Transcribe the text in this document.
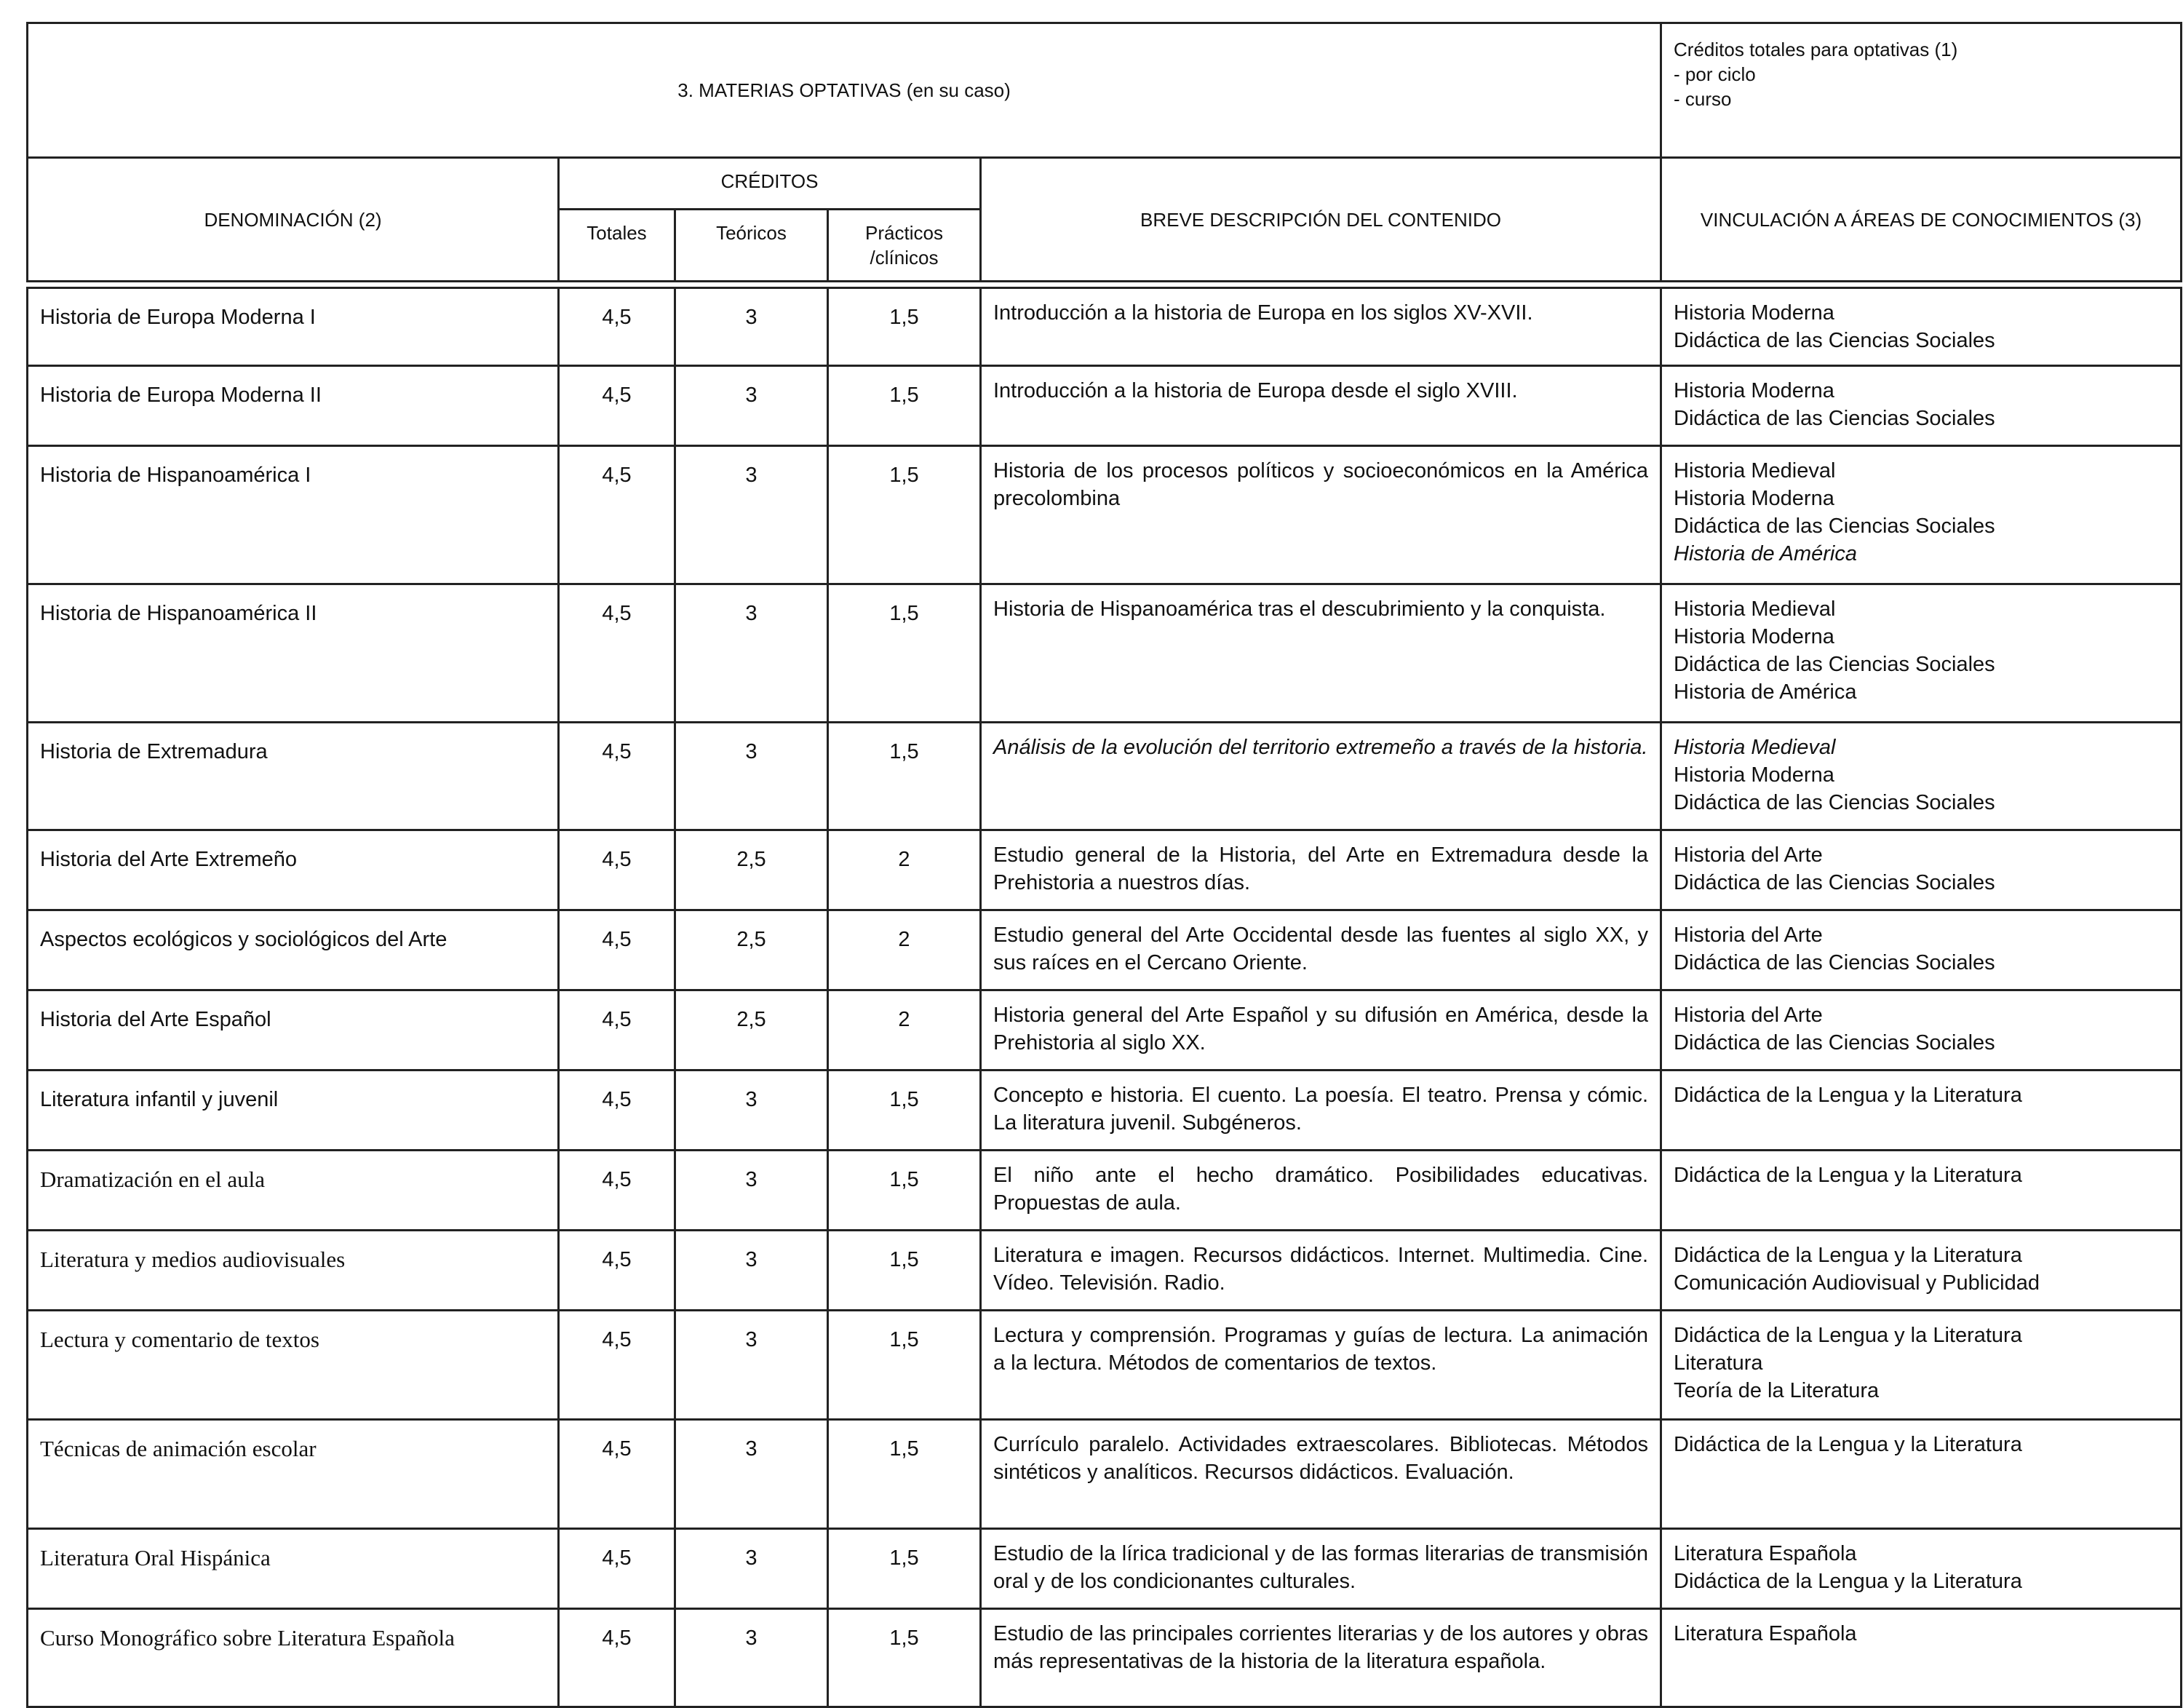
3. MATERIAS OPTATIVAS (en su caso)					Créditos totales para optativas (1)
- por ciclo
- curso

DENOMINACIÓN (2)	CRÉDITOS			BREVE DESCRIPCIÓN DEL CONTENIDO	VINCULACIÓN A ÁREAS DE CONOCIMIENTOS (3)
	Totales	Teóricos	Prácticos
/clínicos		

Historia de Europa Moderna I	4,5	3	1,5	Introducción a la historia de Europa en los siglos XV-XVII.	Historia Moderna
Didáctica de las Ciencias Sociales

Historia de Europa Moderna II	4,5	3	1,5	Introducción a la historia de Europa desde el siglo XVIII.	Historia Moderna
Didáctica de las Ciencias Sociales

Historia de Hispanoamérica I	4,5	3	1,5	Historia de los procesos políticos y socioeconómicos en la América precolombina	Historia Medieval
Historia Moderna
Didáctica de las Ciencias Sociales
Historia de América

Historia de Hispanoamérica II	4,5	3	1,5	Historia de Hispanoamérica tras el descubrimiento y la conquista.	Historia Medieval
Historia Moderna
Didáctica de las Ciencias Sociales
Historia de América

Historia de Extremadura	4,5	3	1,5	Análisis de la evolución del territorio extremeño a través de la historia.	Historia Medieval
Historia Moderna
Didáctica de las Ciencias Sociales

Historia del Arte Extremeño	4,5	2,5	2	Estudio general de la Historia, del Arte en Extremadura desde la Prehistoria a nuestros días.	Historia del Arte
Didáctica de las Ciencias Sociales

Aspectos ecológicos y sociológicos del Arte	4,5	2,5	2	Estudio general del Arte Occidental desde las fuentes al siglo XX, y sus raíces en el Cercano Oriente.	Historia del Arte
Didáctica de las Ciencias Sociales

Historia del Arte Español	4,5	2,5	2	Historia general del Arte Español y su difusión en América, desde la Prehistoria al siglo XX.	Historia del Arte
Didáctica de las Ciencias Sociales

Literatura infantil y juvenil	4,5	3	1,5	Concepto e historia. El cuento. La poesía. El teatro. Prensa y cómic. La literatura juvenil. Subgéneros.	Didáctica de la Lengua y la Literatura

Dramatización en el aula	4,5	3	1,5	El niño ante el hecho dramático. Posibilidades educativas. Propuestas de aula.	Didáctica de la Lengua y la Literatura

Literatura y medios audiovisuales	4,5	3	1,5	Literatura e imagen. Recursos didácticos. Internet. Multimedia. Cine. Vídeo. Televisión. Radio.	Didáctica de la Lengua y la Literatura
Comunicación Audiovisual y Publicidad

Lectura y comentario de textos	4,5	3	1,5	Lectura y comprensión. Programas y guías de lectura. La animación a la lectura. Métodos de comentarios de textos.	Didáctica de la Lengua y la Literatura
Literatura
Teoría de la Literatura

Técnicas de animación escolar	4,5	3	1,5	Currículo paralelo. Actividades extraescolares. Bibliotecas. Métodos sintéticos y analíticos. Recursos didácticos. Evaluación.	Didáctica de la Lengua y la Literatura

Literatura Oral Hispánica	4,5	3	1,5	Estudio de la lírica tradicional y de las formas literarias de transmisión oral y de los condicionantes culturales.	Literatura Española
Didáctica de la Lengua y la Literatura

Curso Monográfico sobre Literatura Española	4,5	3	1,5	Estudio de las principales corrientes literarias y de los autores y obras más representativas de la historia de la literatura española.	Literatura Española
